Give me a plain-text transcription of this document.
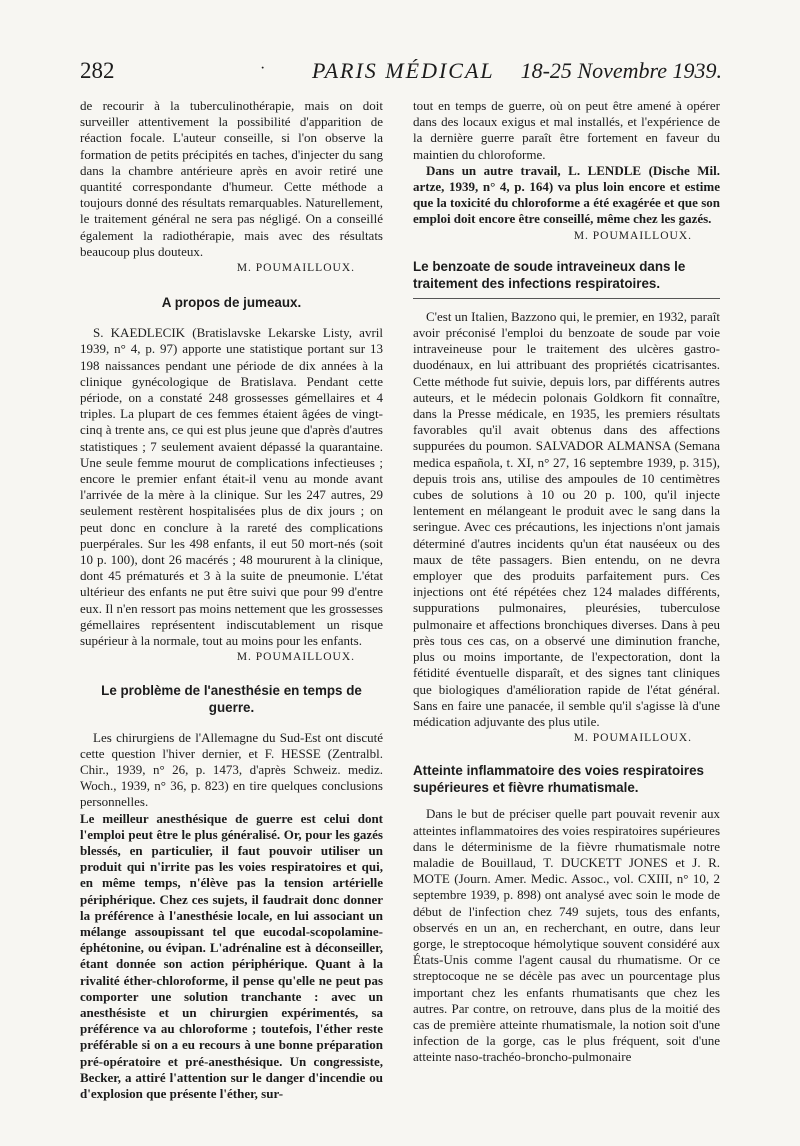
282	· PARIS MÉDICAL 18-25 Novembre 1939.

de recourir à la tuberculinothérapie, mais on doit surveiller attentivement la possibilité d'apparition de réaction focale. L'auteur conseille, si l'on observe la formation de petits précipités en taches, d'injecter du sang dans la chambre antérieure après en avoir retiré une quantité correspondante d'humeur. Cette méthode a toujours donné des résultats remarquables. Naturellement, le traitement général ne sera pas négligé. On a conseillé également la radiothérapie, mais avec des résultats beaucoup plus douteux.

M. POUMAILLOUX.

A propos de jumeaux.

S. KAEDLECIK (Bratislavske Lekarske Listy, avril 1939, n° 4, p. 97) apporte une statistique portant sur 13 198 naissances pendant une période de dix années à la clinique gynécologique de Bratislava. Pendant cette période, on a constaté 248 grossesses gémellaires et 4 triples. La plupart de ces femmes étaient âgées de vingt-cinq à trente ans, ce qui est plus jeune que d'après d'autres statistiques ; 7 seulement avaient dépassé la quarantaine. Une seule femme mourut de complications infectieuses ; encore le premier enfant était-il venu au monde avant l'arrivée de la mère à la clinique. Sur les 247 autres, 29 seulement restèrent hospitalisées plus de dix jours ; on peut donc en conclure à la rareté des complications puerpérales. Sur les 498 enfants, il eut 50 mort-nés (soit 10 p. 100), dont 26 macérés ; 48 moururent à la clinique, dont 45 prématurés et 3 à la suite de pneumonie. L'état ultérieur des enfants ne put être suivi que pour 99 d'entre eux. Il n'en ressort pas moins nettement que les grossesses gémellaires représentent indiscutablement un risque supérieur à la normale, tout au moins pour les enfants.

M. POUMAILLOUX.

Le problème de l'anesthésie en temps de guerre.

Les chirurgiens de l'Allemagne du Sud-Est ont discuté cette question l'hiver dernier, et F. HESSE (Zentralbl. Chir., 1939, n° 26, p. 1473, d'après Schweiz. mediz. Woch., 1939, n° 36, p. 823) en tire quelques conclusions personnelles.

Le meilleur anesthésique de guerre est celui dont l'emploi peut être le plus généralisé. Or, pour les gazés blessés, en particulier, il faut pouvoir utiliser un produit qui n'irrite pas les voies respiratoires et qui, en même temps, n'élève pas la tension artérielle périphérique. Chez ces sujets, il faudrait donc donner la préférence à l'anesthésie locale, en lui associant un mélange assoupissant tel que eucodal-scopolamine-éphétonine, ou évipan. L'adrénaline est à déconseiller, étant donnée son action périphérique. Quant à la rivalité éther-chloroforme, il pense qu'elle ne peut pas comporter une solution tranchante : avec un anesthésiste et un chirurgien expérimentés, sa préférence va au chloroforme ; toutefois, l'éther reste préférable si on a eu recours à une bonne préparation pré-opératoire et pré-anesthésique. Un congressiste, Becker, a attiré l'attention sur le danger d'incendie ou d'explosion que présente l'éther, sur-

tout en temps de guerre, où on peut être amené à opérer dans des locaux exigus et mal installés, et l'expérience de la dernière guerre paraît être fortement en faveur du maintien du chloroforme.

Dans un autre travail, L. LENDLE (Dische Mil. artze, 1939, n° 4, p. 164) va plus loin encore et estime que la toxicité du chloroforme a été exagérée et que son emploi doit encore être conseillé, même chez les gazés.

M. POUMAILLOUX.

Le benzoate de soude intraveineux dans le traitement des infections respiratoires.

C'est un Italien, Bazzono qui, le premier, en 1932, paraît avoir préconisé l'emploi du benzoate de soude par voie intraveineuse pour le traitement des ulcères gastro-duodénaux, en lui attribuant des propriétés cicatrisantes. Cette méthode fut suivie, depuis lors, par différents autres auteurs, et le médecin polonais Goldkorn fit connaître, dans la Presse médicale, en 1935, les premiers résultats favorables qu'il avait obtenus dans des affections suppurées du poumon. SALVADOR ALMANSA (Semana medica española, t. XI, n° 27, 16 septembre 1939, p. 315), depuis trois ans, utilise des ampoules de 10 centimètres cubes de solutions à 10 ou 20 p. 100, qu'il injecte lentement en mélangeant le produit avec le sang dans la seringue. Avec ces précautions, les injections n'ont jamais déterminé d'autres incidents qu'un état nauséeux ou des maux de tête passagers. Bien entendu, on ne devra employer que des produits parfaitement purs. Ces injections ont été répétées chez 124 malades différents, suppurations pulmonaires, pleurésies, tuberculose pulmonaire et affections bronchiques diverses. Dans à peu près tous ces cas, on a observé une diminution franche, plus ou moins importante, de l'expectoration, dont la fétidité éventuelle disparaît, et des signes tant cliniques que biologiques d'amélioration rapide de l'état général. Sans en faire une panacée, il semble qu'il s'agisse là d'une médication adjuvante des plus utile.

M. POUMAILLOUX.

Atteinte inflammatoire des voies respiratoires supérieures et fièvre rhumatismale.

Dans le but de préciser quelle part pouvait revenir aux atteintes inflammatoires des voies respiratoires supérieures dans le déterminisme de la fièvre rhumatismale notre maladie de Bouillaud, T. DUCKETT JONES et J. R. MOTE (Journ. Amer. Medic. Assoc., vol. CXIII, n° 10, 2 septembre 1939, p. 898) ont analysé avec soin le mode de début de l'infection chez 749 sujets, tous des enfants, observés en un an, en recherchant, en outre, dans leur gorge, le streptocoque hémolytique souvent considéré aux États-Unis comme l'agent causal du rhumatisme. Or ce streptocoque ne se décèle pas avec un pourcentage plus important chez les enfants rhumatisants que chez les autres. Par contre, on retrouve, dans plus de la moitié des cas de première atteinte rhumatismale, la notion soit d'une infection de la gorge, cas le plus fréquent, soit d'une atteinte naso-trachéo-broncho-pulmonaire
